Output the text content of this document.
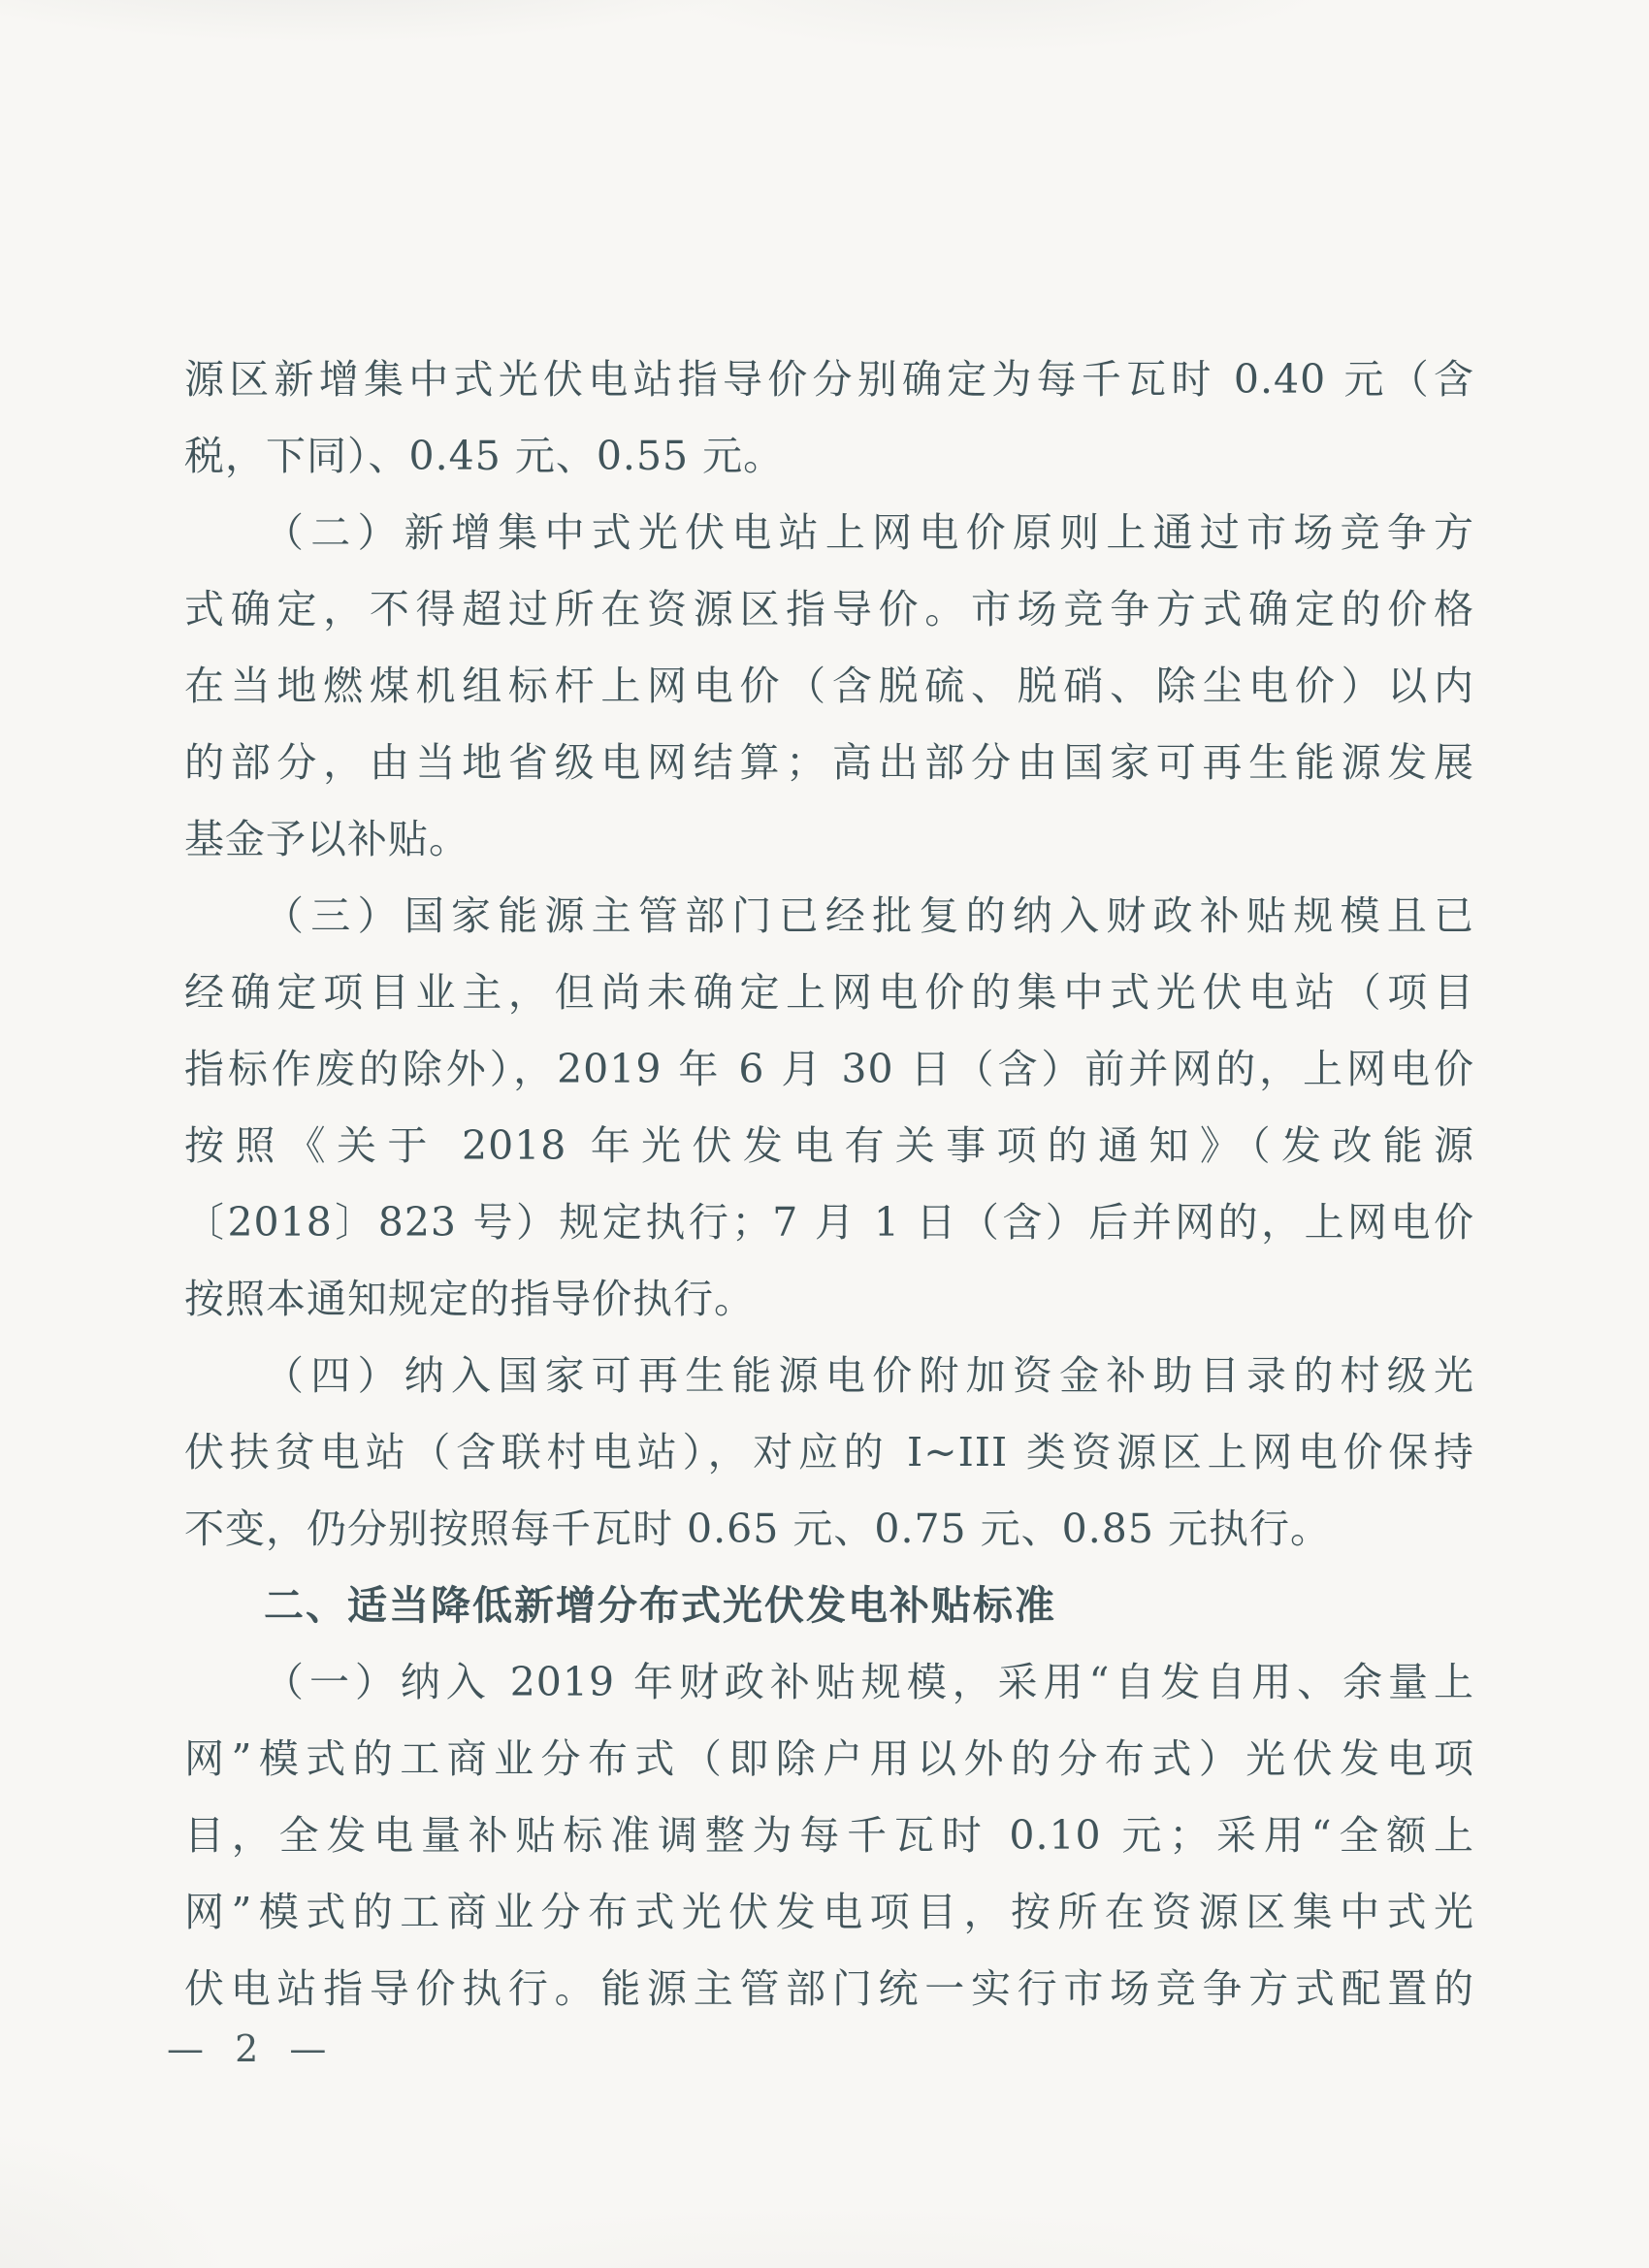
源区新增集中式光伏电站指导价分别确定为每千瓦时 0.40 元（含
税，下同）、0.45 元、0.55 元。
（二）新增集中式光伏电站上网电价原则上通过市场竞争方
式确定，不得超过所在资源区指导价。市场竞争方式确定的价格
在当地燃煤机组标杆上网电价（含脱硫、脱硝、除尘电价）以内
的部分，由当地省级电网结算；高出部分由国家可再生能源发展
基金予以补贴。
（三）国家能源主管部门已经批复的纳入财政补贴规模且已
经确定项目业主，但尚未确定上网电价的集中式光伏电站（项目
指标作废的除外），2019 年 6 月 30 日（含）前并网的，上网电价
按照《关于 2018 年光伏发电有关事项的通知》（发改能源
〔2018〕823 号）规定执行；7 月 1 日（含）后并网的，上网电价
按照本通知规定的指导价执行。
（四）纳入国家可再生能源电价附加资金补助目录的村级光
伏扶贫电站（含联村电站），对应的 I~III 类资源区上网电价保持
不变，仍分别按照每千瓦时 0.65 元、0.75 元、0.85 元执行。
二、适当降低新增分布式光伏发电补贴标准
（一）纳入 2019 年财政补贴规模，采用“自发自用、余量上
网”模式的工商业分布式（即除户用以外的分布式）光伏发电项
目，全发电量补贴标准调整为每千瓦时 0.10 元；采用“全额上
网”模式的工商业分布式光伏发电项目，按所在资源区集中式光
伏电站指导价执行。能源主管部门统一实行市场竞争方式配置的
— 2 —
